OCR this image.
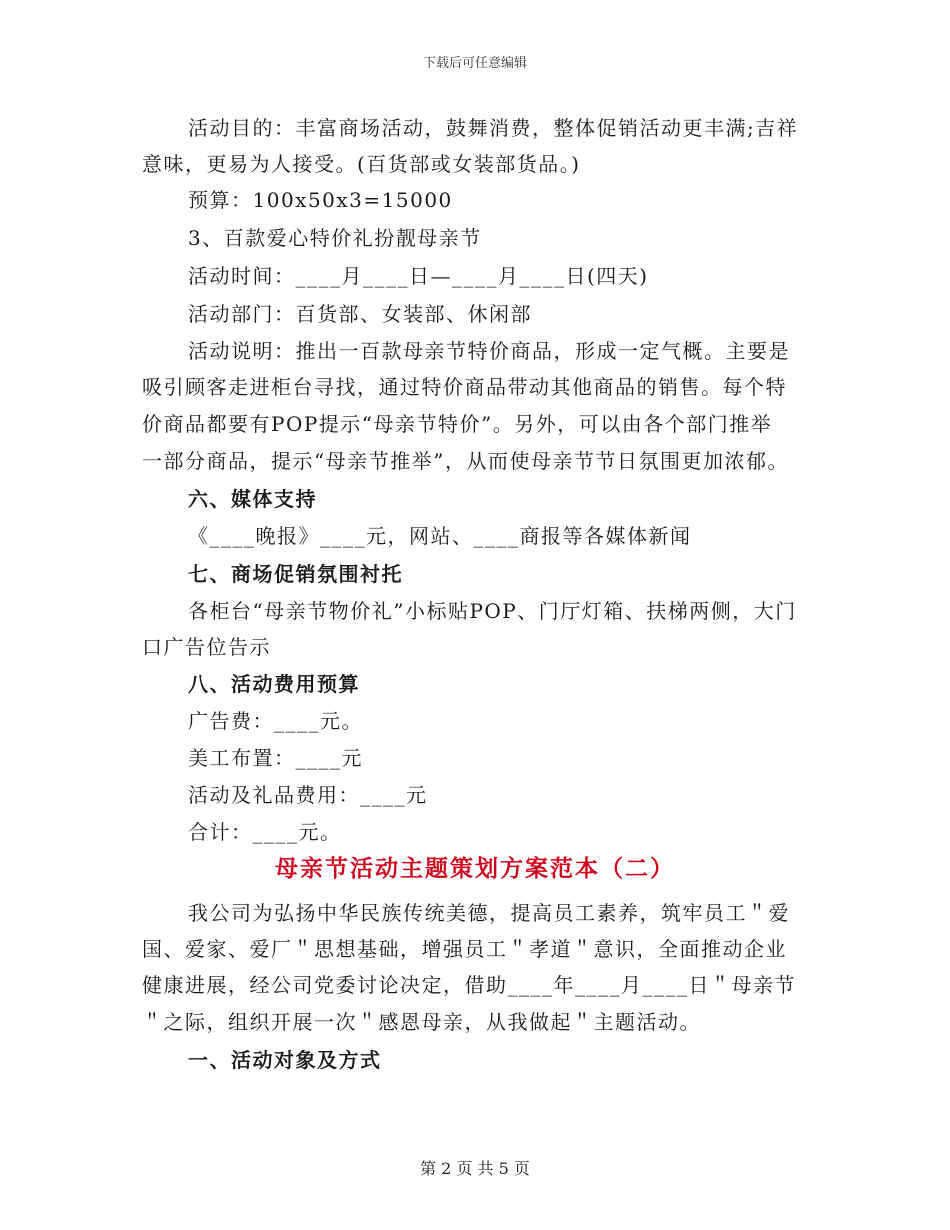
下载后可任意编辑
活动目的：丰富商场活动，鼓舞消费，整体促销活动更丰满;吉祥
意味，更易为人接受。(百货部或女装部货品。)
预算：100x50x3=15000
3、百款爱心特价礼扮靓母亲节
活动时间：____月____日—____月____日(四天)
活动部门：百货部、女装部、休闲部
活动说明：推出一百款母亲节特价商品，形成一定气概。主要是
吸引顾客走进柜台寻找，通过特价商品带动其他商品的销售。每个特
价商品都要有POP提示“母亲节特价”。另外，可以由各个部门推举
一部分商品，提示“母亲节推举”，从而使母亲节节日氛围更加浓郁。
六、媒体支持
《____晚报》____元，网站、____商报等各媒体新闻
七、商场促销氛围衬托
各柜台“母亲节物价礼”小标贴POP、门厅灯箱、扶梯两侧，大门
口广告位告示
八、活动费用预算
广告费：____元。
美工布置：____元
活动及礼品费用：____元
合计：____元。
母亲节活动主题策划方案范本（二）
我公司为弘扬中华民族传统美德，提高员工素养，筑牢员工＂爱
国、爱家、爱厂＂思想基础，增强员工＂孝道＂意识，全面推动企业
健康进展，经公司党委讨论决定，借助____年____月____日＂母亲节
＂之际，组织开展一次＂感恩母亲，从我做起＂主题活动。
一、活动对象及方式
第 2 页 共 5 页
